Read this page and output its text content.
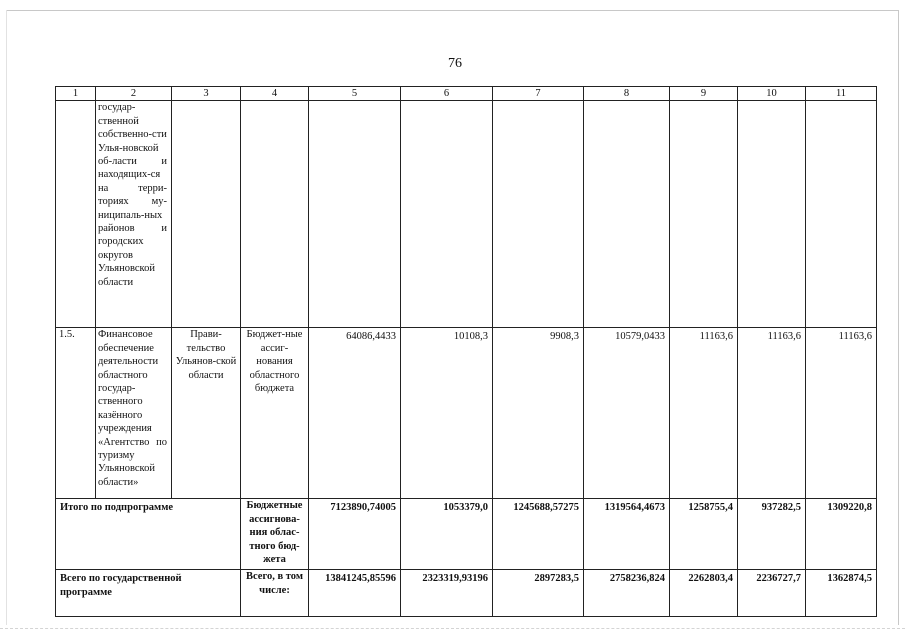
76
1	2	3	4	5	6	7	8	9	10	11
	государ-ственной собственно-сти Улья-новской об-ласти и находящих-ся на терри-ториях му-ниципаль-ных районов и городских округов Ульяновской области									
1.5.	Финансовое обеспечение деятельности областного государ-ственного казённого учреждения «Агентство по туризму Ульяновской области»	Прави-тельство Ульянов-ской области	Бюджет-ные ассиг-нования областного бюджета	64086,4433	10108,3	9908,3	10579,0433	11163,6	11163,6	11163,6
Итого по подпрограмме			Бюджетные ассигнова-ния облас-тного бюд-жета	7123890,74005	1053379,0	1245688,57275	1319564,4673	1258755,4	937282,5	1309220,8
Всего по государственной программе			Всего, в том числе:	13841245,85596	2323319,93196	2897283,5	2758236,824	2262803,4	2236727,7	1362874,5
